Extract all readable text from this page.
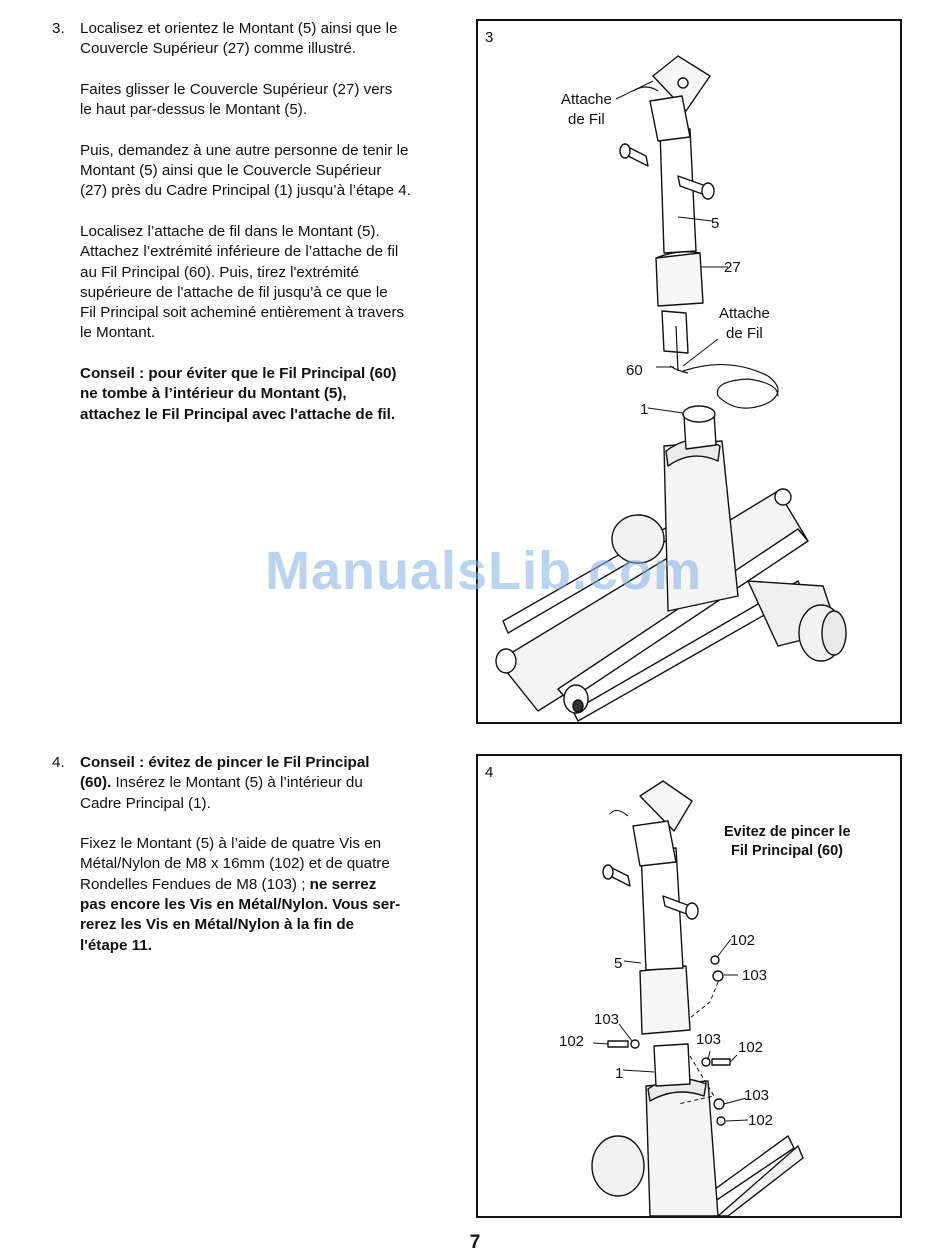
3. Localisez et orientez le Montant (5) ainsi que le
Couvercle Supérieur (27) comme illustré.

Faites glisser le Couvercle Supérieur (27) vers
le haut par-dessus le Montant (5).

Puis, demandez à une autre personne de tenir le
Montant (5) ainsi que le Couvercle Supérieur
(27) près du Cadre Principal (1) jusqu’à l’étape 4.

Localisez l’attache de fil dans le Montant (5).
Attachez l’extrémité inférieure de l’attache de fil
au Fil Principal (60). Puis, tirez l'extrémité
supérieure de l'attache de fil jusqu’à ce que le
Fil Principal soit acheminé entièrement à travers
le Montant.

Conseil : pour éviter que le Fil Principal (60)
ne tombe à l’intérieur du Montant (5),
attachez le Fil Principal avec l'attache de fil.

4. Conseil : évitez de pincer le Fil Principal
(60). Insérez le Montant (5) à l’intérieur du
Cadre Principal (1).

Fixez le Montant (5) à l’aide de quatre Vis en
Métal/Nylon de M8 x 16mm (102) et de quatre
Rondelles Fendues de M8 (103) ; ne serrez
pas encore les Vis en Métal/Nylon. Vous ser-
rerez les Vis en Métal/Nylon à la fin de
l'étape 11.

3
Attache
de Fil
5
27
Attache
de Fil
60
1
4
Evitez de pincer le
Fil Principal (60)
102
103
5
103
102	103 102
1
103
102
ManualsLib.com
7
